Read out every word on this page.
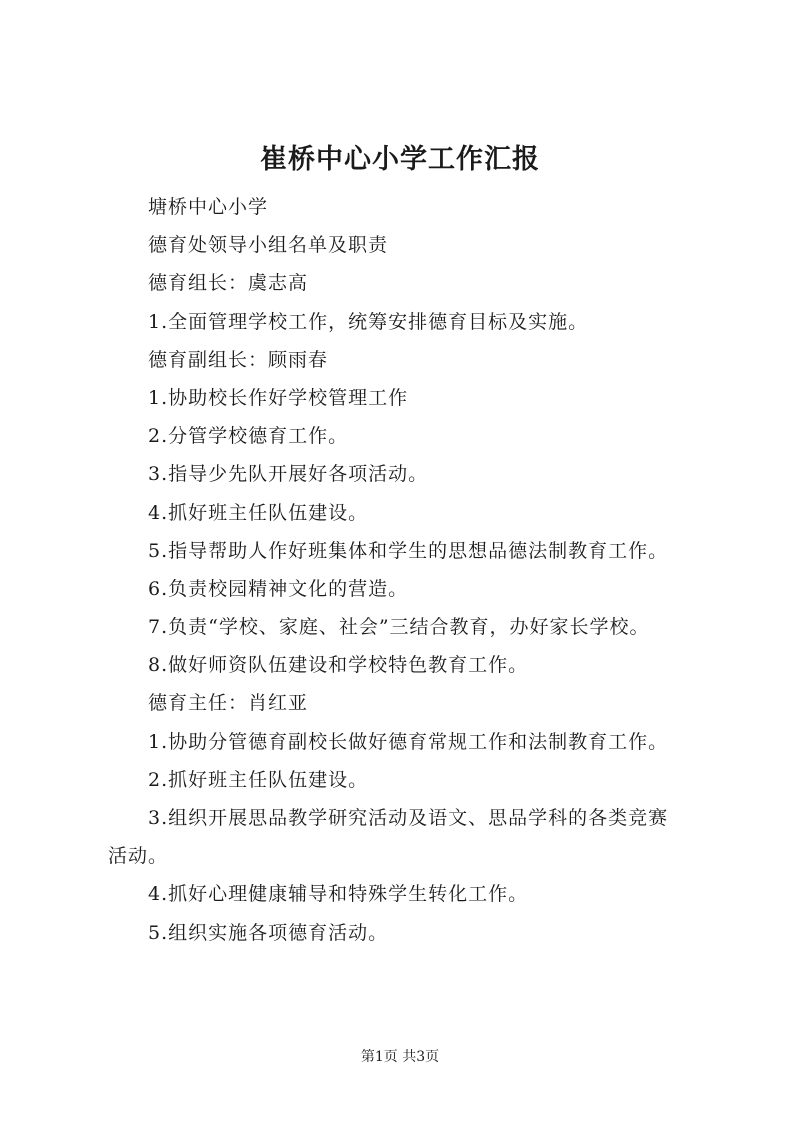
崔桥中心小学工作汇报
塘桥中心小学
德育处领导小组名单及职责
德育组长：虞志高
1.全面管理学校工作，统筹安排德育目标及实施。
德育副组长：顾雨春
1.协助校长作好学校管理工作
2.分管学校德育工作。
3.指导少先队开展好各项活动。
4.抓好班主任队伍建设。
5.指导帮助人作好班集体和学生的思想品德法制教育工作。
6.负责校园精神文化的营造。
7.负责“学校、家庭、社会”三结合教育，办好家长学校。
8.做好师资队伍建设和学校特色教育工作。
德育主任：肖红亚
1.协助分管德育副校长做好德育常规工作和法制教育工作。
2.抓好班主任队伍建设。
3.组织开展思品教学研究活动及语文、思品学科的各类竞赛
活动。
4.抓好心理健康辅导和特殊学生转化工作。
5.组织实施各项德育活动。
第1页 共3页
